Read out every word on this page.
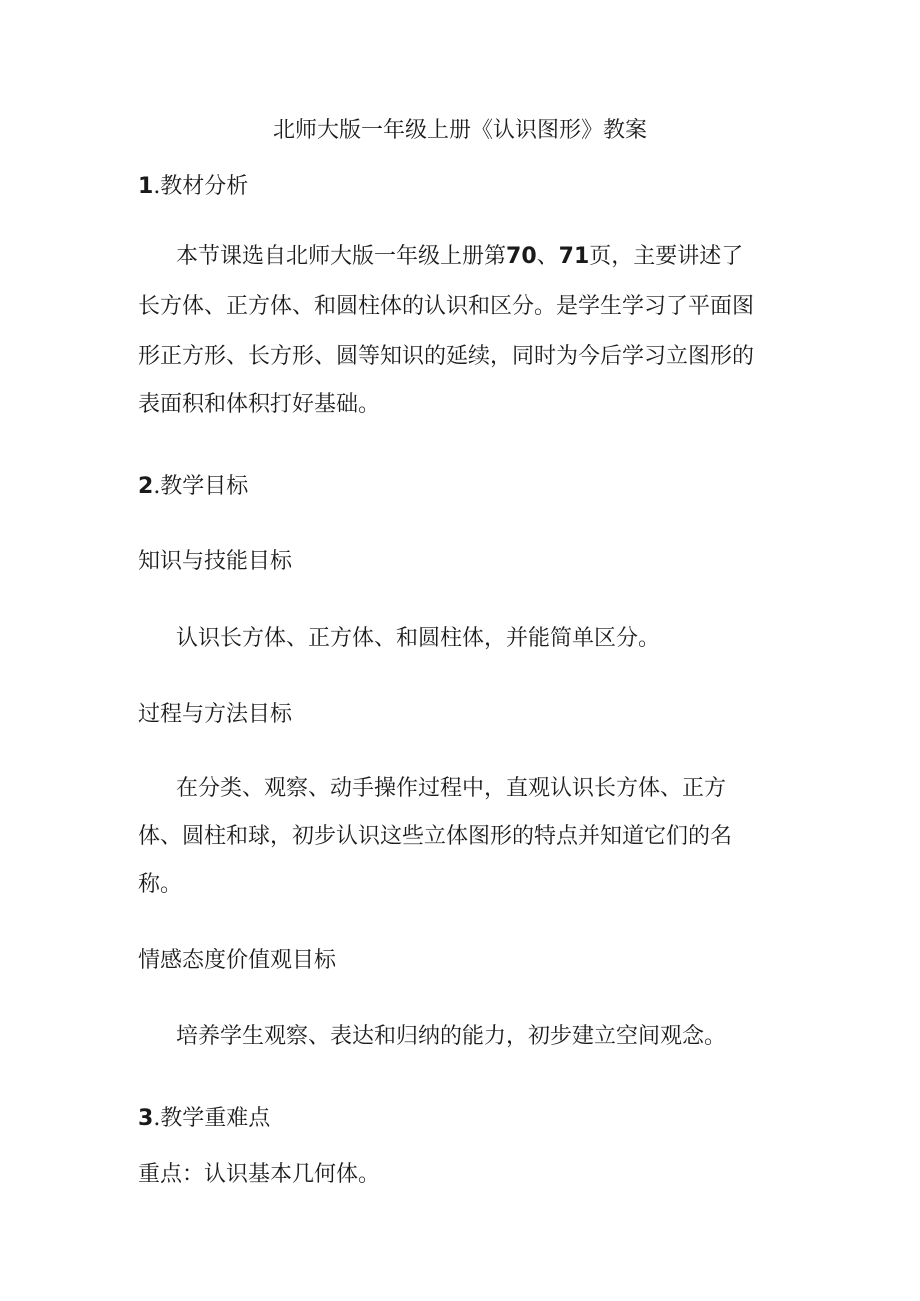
北师大版一年级上册《认识图形》教案
1.教材分析
本节课选自北师大版一年级上册第70、71页，主要讲述了
长方体、正方体、和圆柱体的认识和区分。是学生学习了平面图
形正方形、长方形、圆等知识的延续，同时为今后学习立图形的
表面积和体积打好基础。
2.教学目标
知识与技能目标
认识长方体、正方体、和圆柱体，并能简单区分。
过程与方法目标
在分类、观察、动手操作过程中，直观认识长方体、正方
体、圆柱和球，初步认识这些立体图形的特点并知道它们的名
称。
情感态度价值观目标
培养学生观察、表达和归纳的能力，初步建立空间观念。
3.教学重难点
重点：认识基本几何体。
